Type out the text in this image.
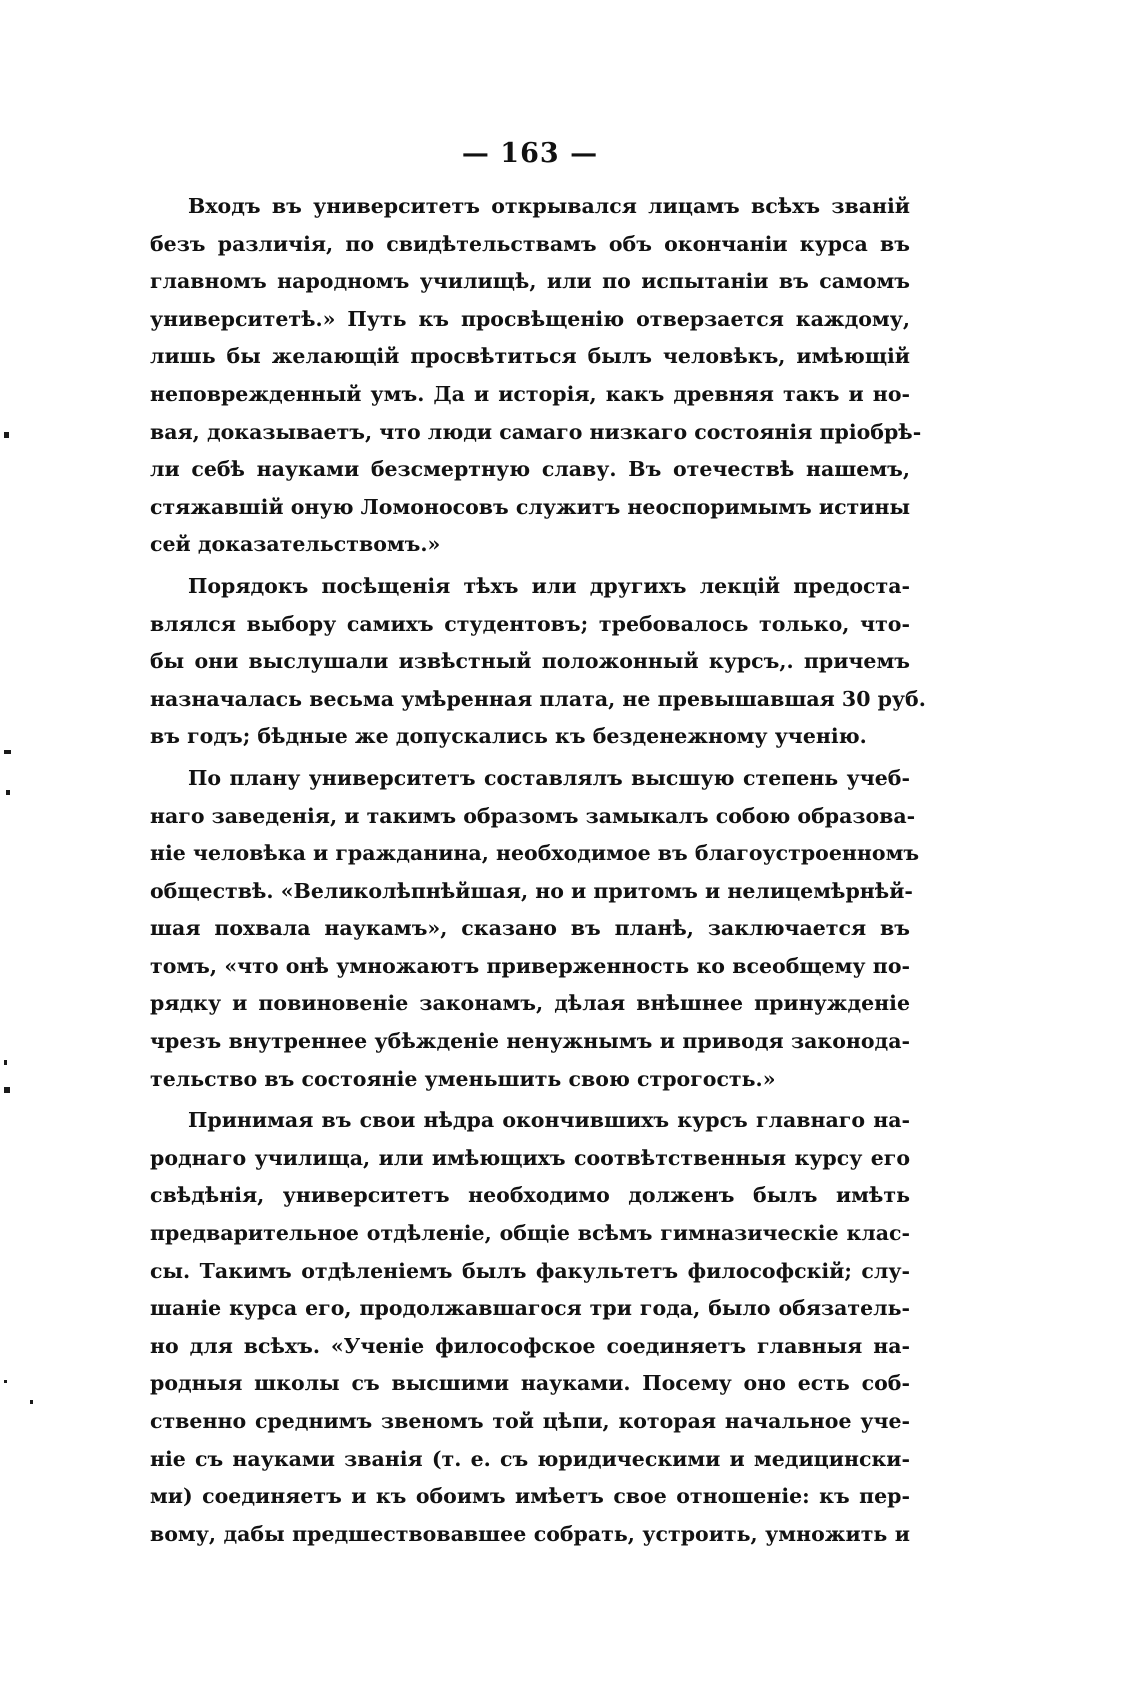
— 163 —
Входъ въ университетъ открывался лицамъ всѣхъ званій
безъ различія, по свидѣтельствамъ объ окончаніи курса въ
главномъ народномъ училищѣ, или по испытаніи въ самомъ
университетѣ.» Путь къ просвѣщенію отверзается каждому,
лишь бы желающій просвѣтиться былъ человѣкъ, имѣющій
неповрежденный умъ. Да и исторія, какъ древняя такъ и но-
вая, доказываетъ, что люди самаго низкаго состоянія пріобрѣ-
ли себѣ науками безсмертную славу. Въ отечествѣ нашемъ,
стяжавшій оную Ломоносовъ служитъ неоспоримымъ истины
сей доказательствомъ.»
Порядокъ посѣщенія тѣхъ или другихъ лекцій предоста-
влялся выбору самихъ студентовъ; требовалось только, что-
бы они выслушали извѣстный положонный курсъ,. причемъ
назначалась весьма умѣренная плата, не превышавшая 30 руб.
въ годъ; бѣдные же допускались къ безденежному ученію.
По плану университетъ составлялъ высшую степень учеб-
наго заведенія, и такимъ образомъ замыкалъ собою образова-
ніе человѣка и гражданина, необходимое въ благоустроенномъ
обществѣ. «Великолѣпнѣйшая, но и притомъ и нелицемѣрнѣй-
шая похвала наукамъ», сказано въ планѣ, заключается въ
томъ, «что онѣ умножаютъ приверженность ко всеобщему по-
рядку и повиновеніе законамъ, дѣлая внѣшнее принужденіе
чрезъ внутреннее убѣжденіе ненужнымъ и приводя законода-
тельство въ состояніе уменьшить свою строгость.»
Принимая въ свои нѣдра окончившихъ курсъ главнаго на-
роднаго училища, или имѣющихъ соотвѣтственныя курсу его
свѣдѣнія, университетъ необходимо долженъ былъ имѣть
предварительное отдѣленіе, общіе всѣмъ гимназическіе клас-
сы. Такимъ отдѣленіемъ былъ факультетъ философскій; слу-
шаніе курса его, продолжавшагося три года, было обязатель-
но для всѣхъ. «Ученіе философское соединяетъ главныя на-
родныя школы съ высшими науками. Посему оно есть соб-
ственно среднимъ звеномъ той цѣпи, которая начальное уче-
ніе съ науками званія (т. е. съ юридическими и медицински-
ми) соединяетъ и къ обоимъ имѣетъ свое отношеніе: къ пер-
вому, дабы предшествовавшее собрать, устроить, умножить и
